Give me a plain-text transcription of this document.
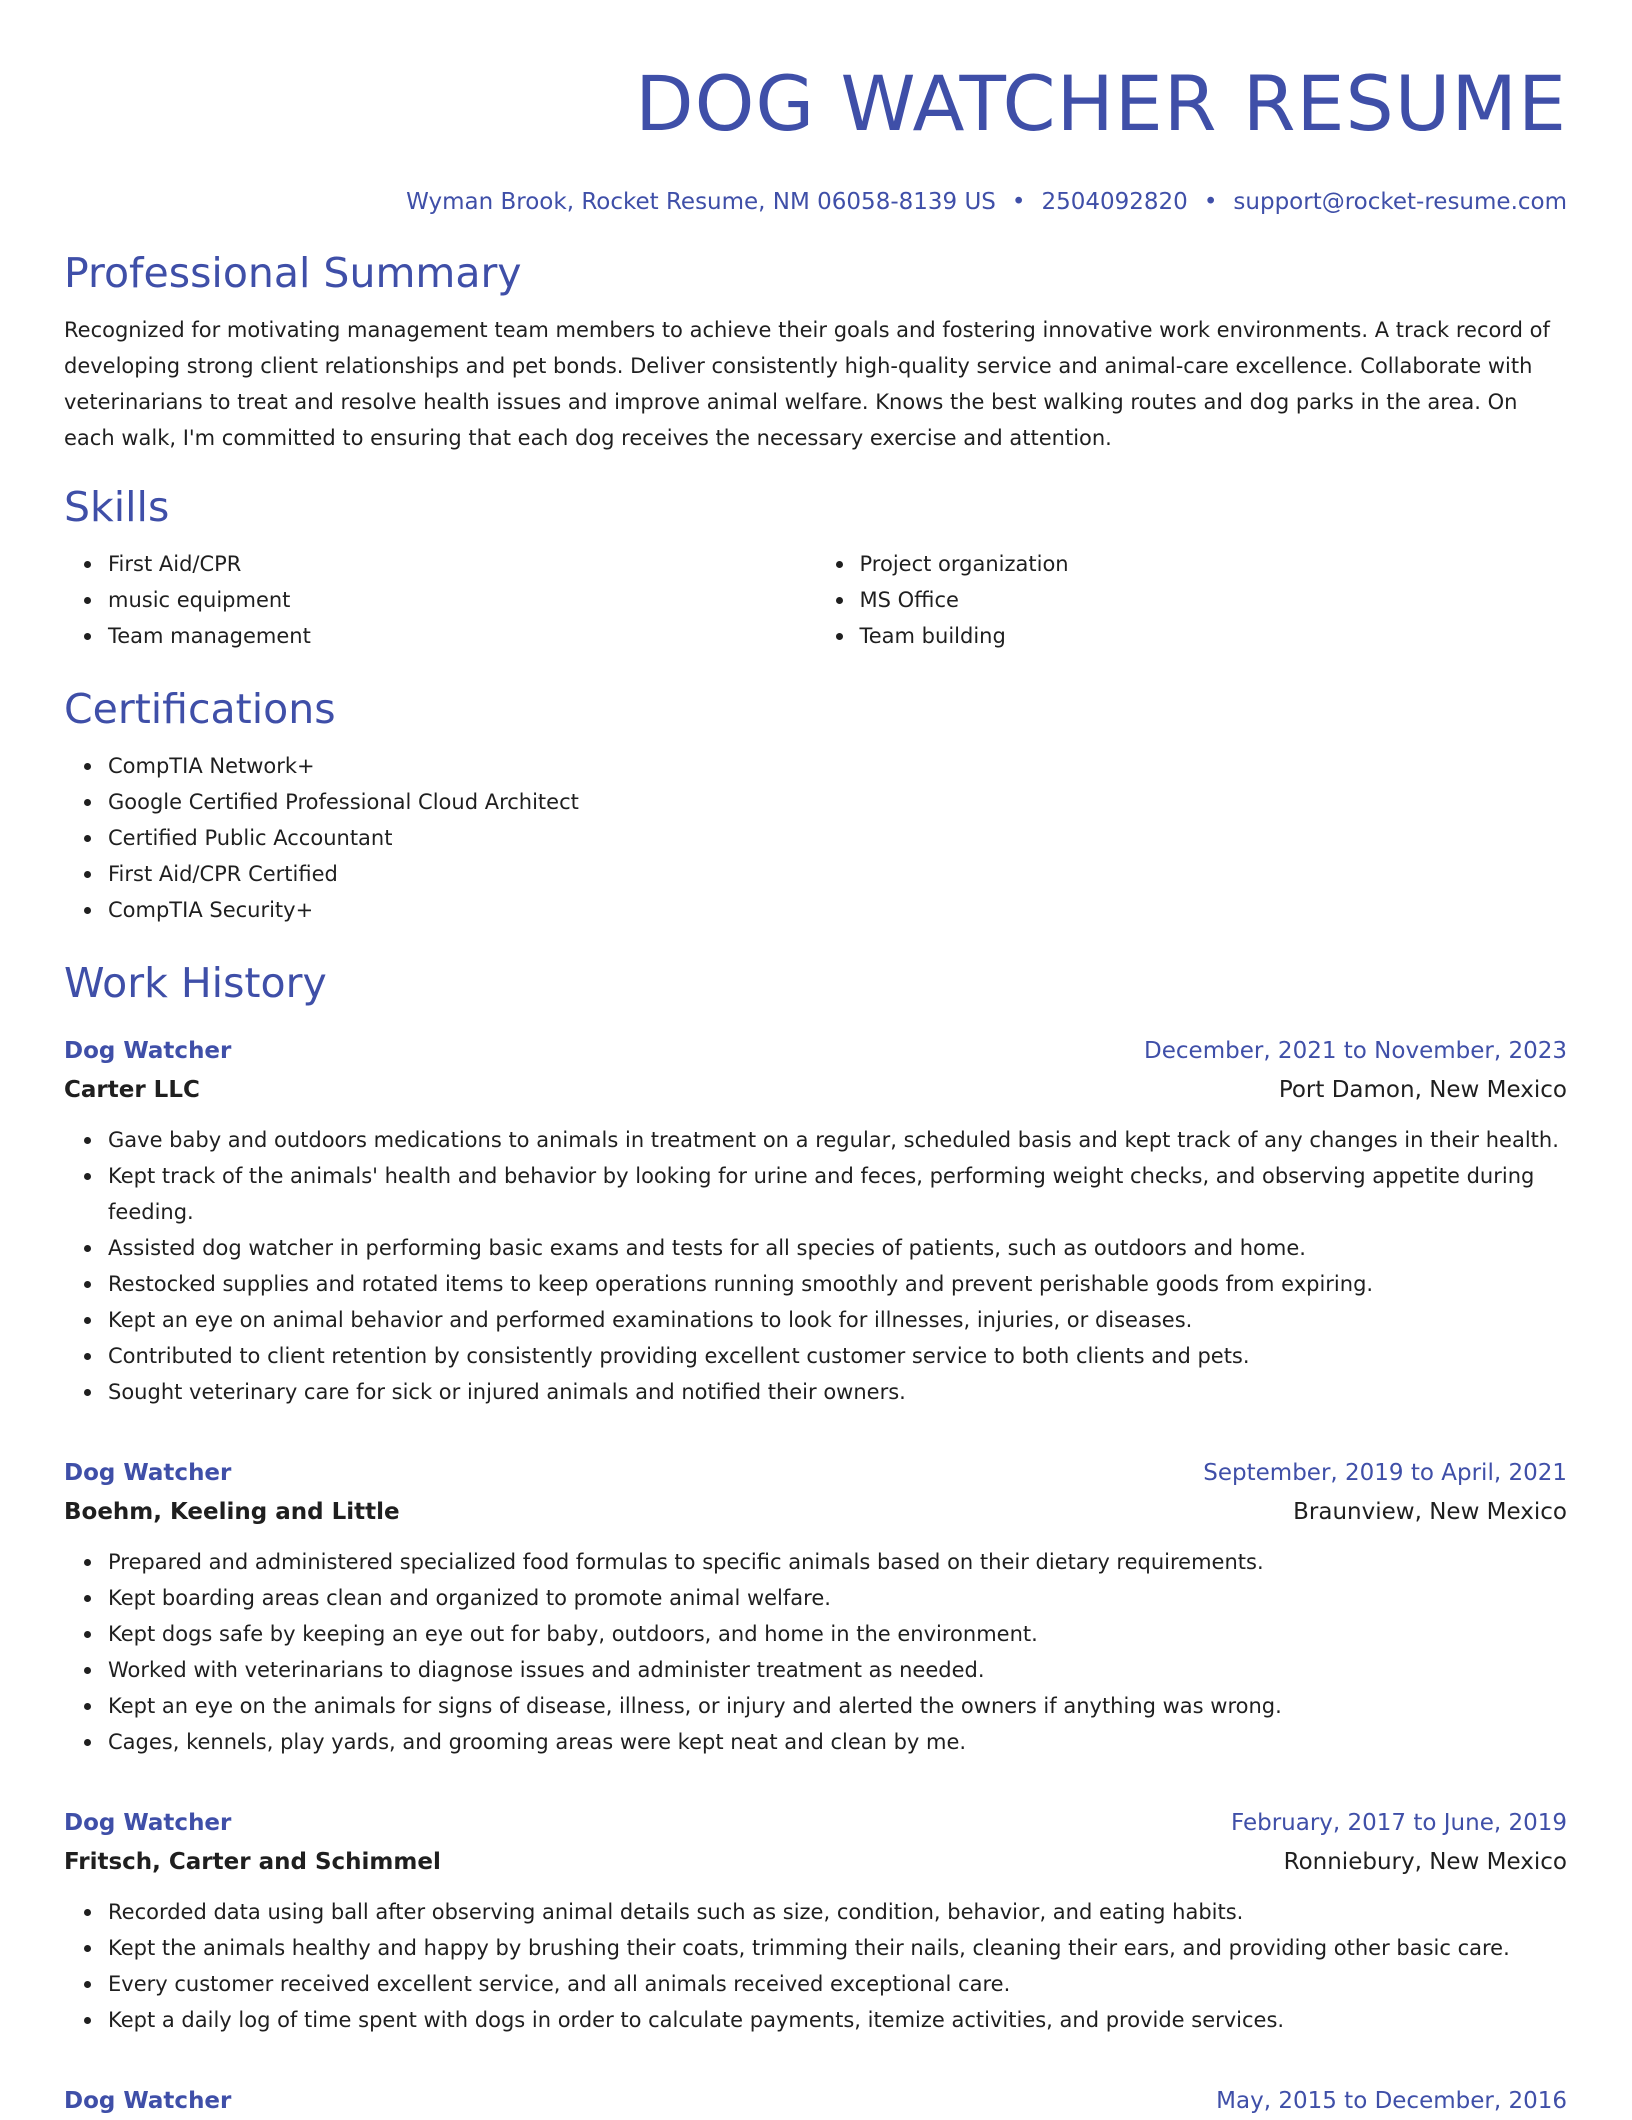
DOG WATCHER RESUME
Wyman Brook, Rocket Resume, NM 06058-8139 US • 2504092820 • support@rocket-resume.com
Professional Summary
Recognized for motivating management team members to achieve their goals and fostering innovative work environments. A track record of developing strong client relationships and pet bonds. Deliver consistently high-quality service and animal-care excellence. Collaborate with veterinarians to treat and resolve health issues and improve animal welfare. Knows the best walking routes and dog parks in the area. On each walk, I'm committed to ensuring that each dog receives the necessary exercise and attention.
Skills
First Aid/CPR
music equipment
Team management
Project organization
MS Office
Team building
Certifications
CompTIA Network+
Google Certified Professional Cloud Architect
Certified Public Accountant
First Aid/CPR Certified
CompTIA Security+
Work History
Dog Watcher	December, 2021 to November, 2023
Carter LLC	Port Damon, New Mexico
Gave baby and outdoors medications to animals in treatment on a regular, scheduled basis and kept track of any changes in their health.
Kept track of the animals' health and behavior by looking for urine and feces, performing weight checks, and observing appetite during feeding.
Assisted dog watcher in performing basic exams and tests for all species of patients, such as outdoors and home.
Restocked supplies and rotated items to keep operations running smoothly and prevent perishable goods from expiring.
Kept an eye on animal behavior and performed examinations to look for illnesses, injuries, or diseases.
Contributed to client retention by consistently providing excellent customer service to both clients and pets.
Sought veterinary care for sick or injured animals and notified their owners.
Dog Watcher	September, 2019 to April, 2021
Boehm, Keeling and Little	Braunview, New Mexico
Prepared and administered specialized food formulas to specific animals based on their dietary requirements.
Kept boarding areas clean and organized to promote animal welfare.
Kept dogs safe by keeping an eye out for baby, outdoors, and home in the environment.
Worked with veterinarians to diagnose issues and administer treatment as needed.
Kept an eye on the animals for signs of disease, illness, or injury and alerted the owners if anything was wrong.
Cages, kennels, play yards, and grooming areas were kept neat and clean by me.
Dog Watcher	February, 2017 to June, 2019
Fritsch, Carter and Schimmel	Ronniebury, New Mexico
Recorded data using ball after observing animal details such as size, condition, behavior, and eating habits.
Kept the animals healthy and happy by brushing their coats, trimming their nails, cleaning their ears, and providing other basic care.
Every customer received excellent service, and all animals received exceptional care.
Kept a daily log of time spent with dogs in order to calculate payments, itemize activities, and provide services.
Dog Watcher	May, 2015 to December, 2016
